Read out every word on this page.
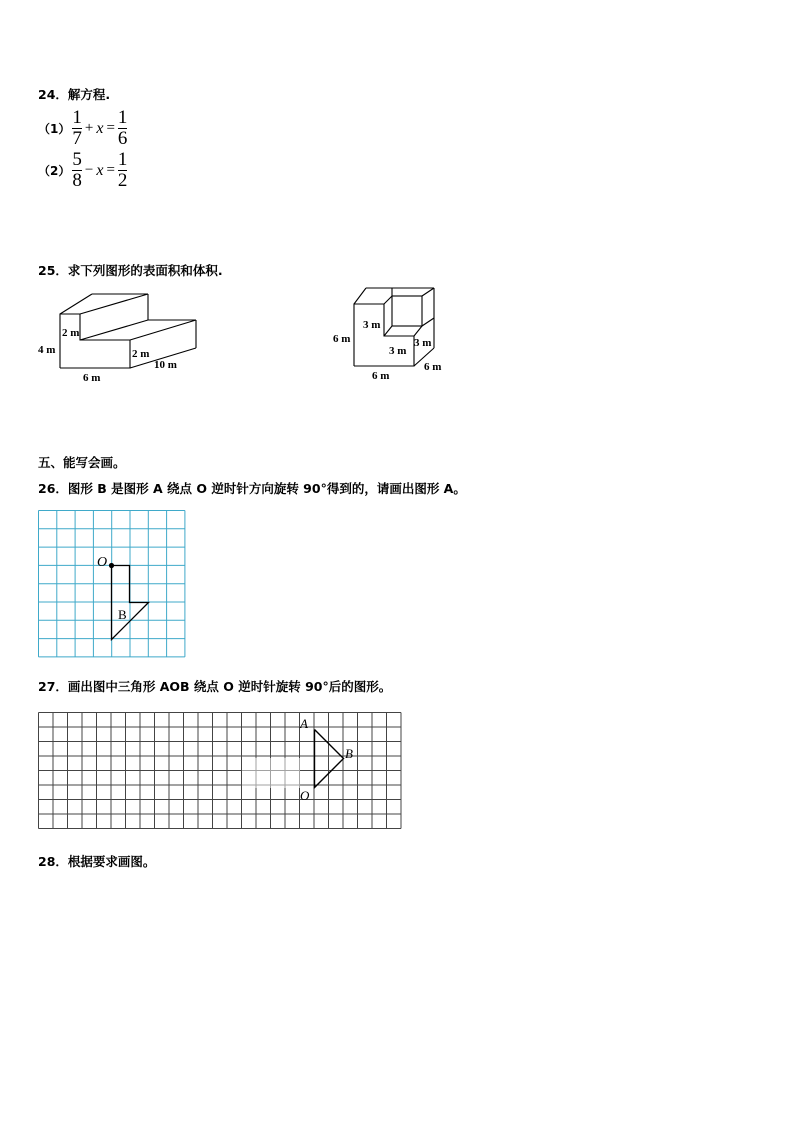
24．解方程.
$(1) \frac{1}{7} + x = \frac{1}{6}$
$(2) \frac{5}{8} - x = \frac{1}{2}$
25．求下列图形的表面积和体积.
2 m
4 m	2 m
10 m
6 m
3 m
6 m
3 m
3 m
6 m
6 m
五、能写会画。
26．图形 B 是图形 A 绕点 O 逆时针方向旋转 90°得到的，请画出图形 A。
O
B
27．画出图中三角形 AOB 绕点 O 逆时针旋转 90°后的图形。
A
B
O
28．根据要求画图。
